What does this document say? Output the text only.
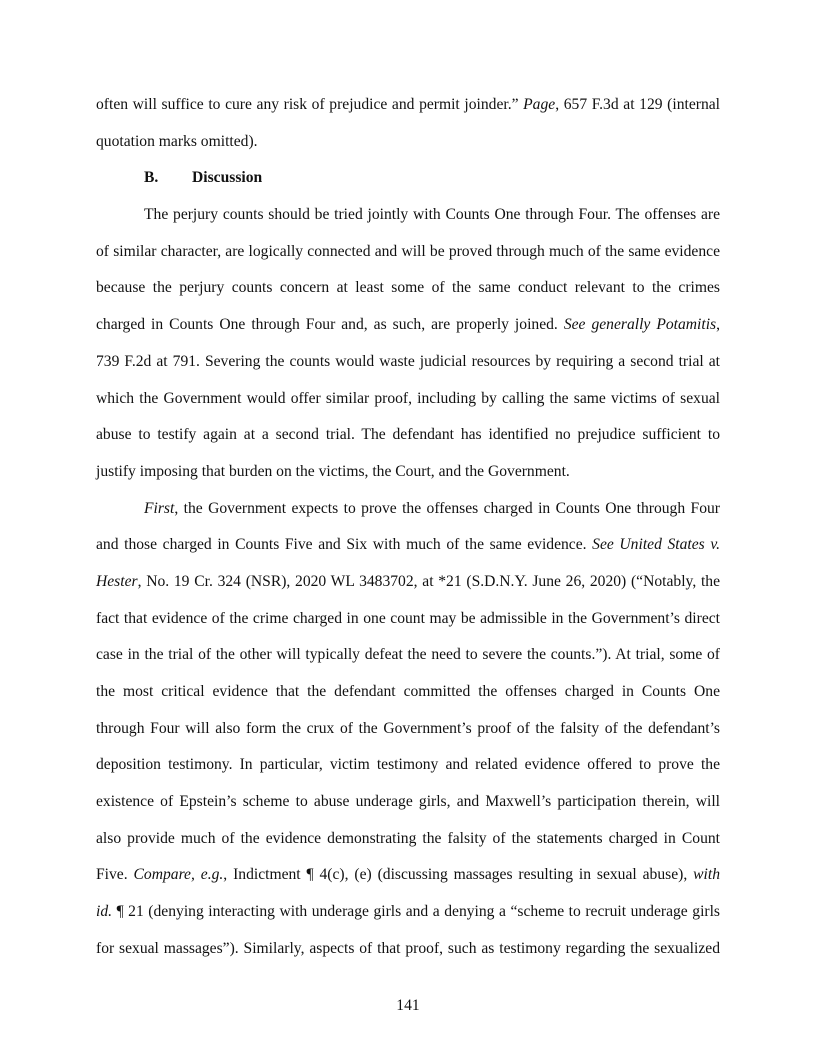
often will suffice to cure any risk of prejudice and permit joinder.” Page, 657 F.3d at 129 (internal
quotation marks omitted).
B. Discussion
The perjury counts should be tried jointly with Counts One through Four. The offenses are
of similar character, are logically connected and will be proved through much of the same evidence
because the perjury counts concern at least some of the same conduct relevant to the crimes
charged in Counts One through Four and, as such, are properly joined. See generally Potamitis,
739 F.2d at 791. Severing the counts would waste judicial resources by requiring a second trial at
which the Government would offer similar proof, including by calling the same victims of sexual
abuse to testify again at a second trial. The defendant has identified no prejudice sufficient to
justify imposing that burden on the victims, the Court, and the Government.
First, the Government expects to prove the offenses charged in Counts One through Four
and those charged in Counts Five and Six with much of the same evidence. See United States v.
Hester, No. 19 Cr. 324 (NSR), 2020 WL 3483702, at *21 (S.D.N.Y. June 26, 2020) (“Notably, the
fact that evidence of the crime charged in one count may be admissible in the Government’s direct
case in the trial of the other will typically defeat the need to severe the counts.”). At trial, some of
the most critical evidence that the defendant committed the offenses charged in Counts One
through Four will also form the crux of the Government’s proof of the falsity of the defendant’s
deposition testimony. In particular, victim testimony and related evidence offered to prove the
existence of Epstein’s scheme to abuse underage girls, and Maxwell’s participation therein, will
also provide much of the evidence demonstrating the falsity of the statements charged in Count
Five. Compare, e.g., Indictment ¶ 4(c), (e) (discussing massages resulting in sexual abuse), with
id. ¶ 21 (denying interacting with underage girls and a denying a “scheme to recruit underage girls
for sexual massages”). Similarly, aspects of that proof, such as testimony regarding the sexualized
141
